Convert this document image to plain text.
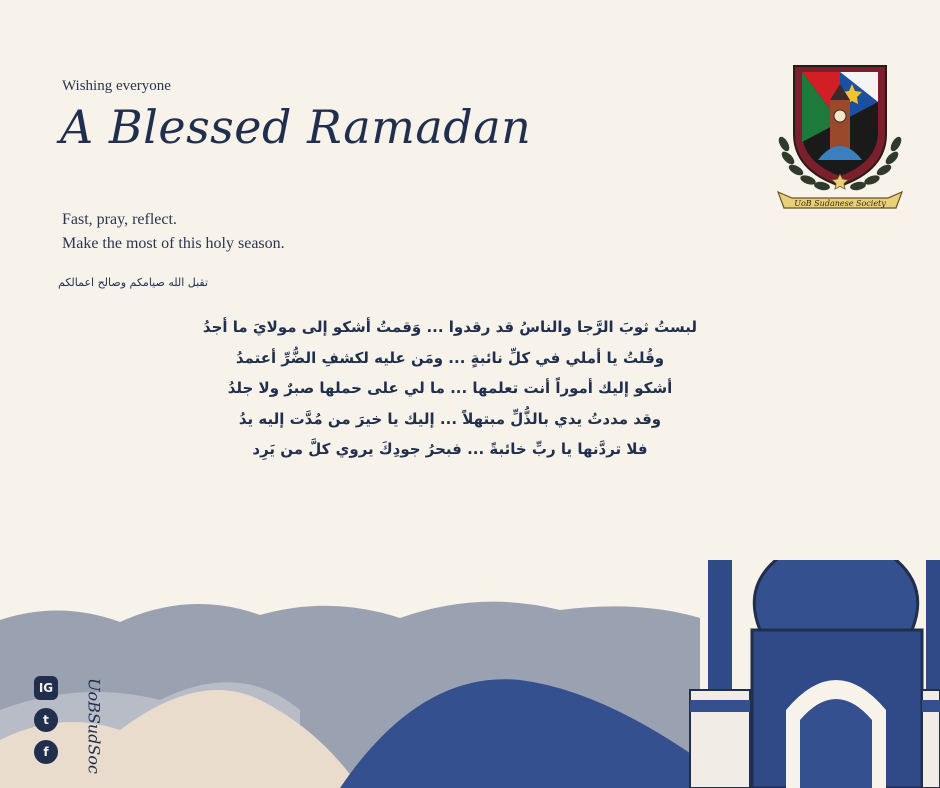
Wishing everyone
A Blessed Ramadan
Fast, pray, reflect.
Make the most of this holy season.
تقبل الله صيامكم وصالح اعمالكم
لبستُ ثوبَ الرَّجا والناسُ قد رقدوا ... وَقمتُ أشكو إلى مولايَ ما أجدُ
وقُلتُ يا أملي في كلِّ نائبةٍ ... ومَن عليه لكشفِ الضُّرِّ أعتمدُ
أشكو إليك أموراً أنت تعلمها ... ما لي على حملها صبرٌ ولا جلدُ
وقد مددتُ يدي بالذُّلِّ مبتهلاً ... إليك يا خيرَ من مُدَّت إليه يدُ
فلا تردَّنها يا ربِّ خائبةً ... فبحرُ جودِكَ يروي كلَّ من يَرِد
UoB Sudanese Society
IG
t
f	UoBSudSoc
